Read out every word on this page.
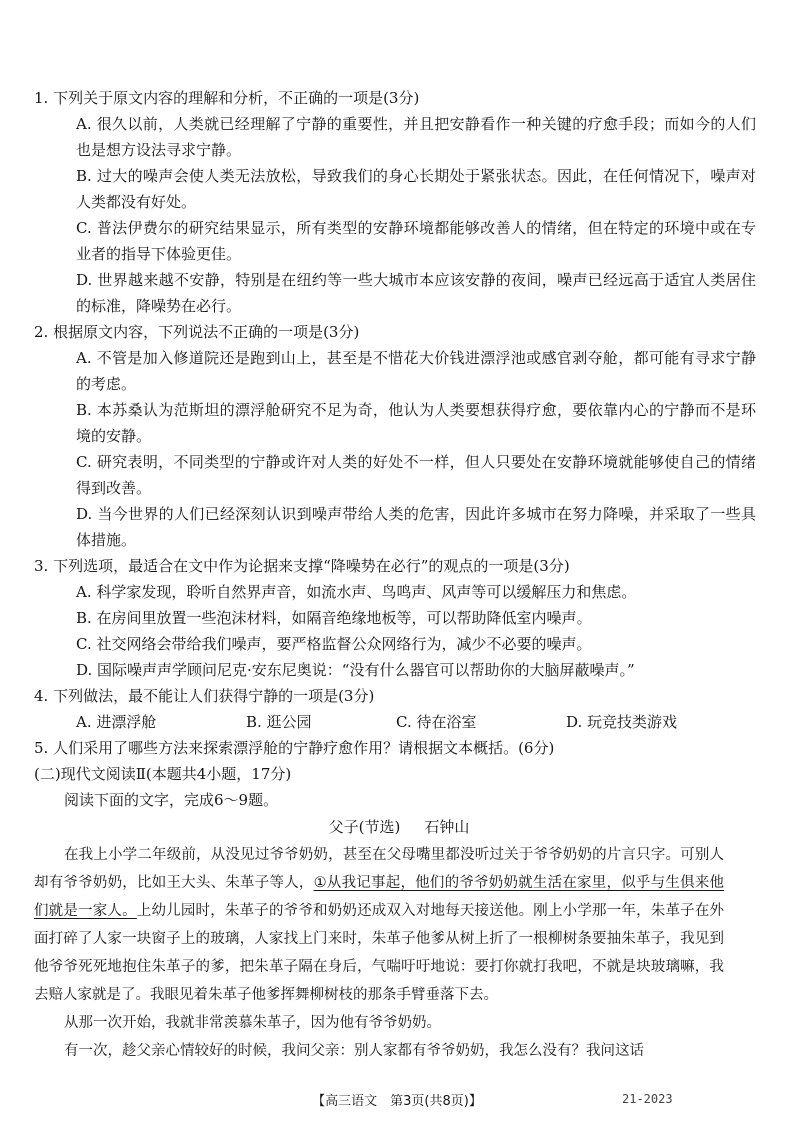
1. 下列关于原文内容的理解和分析，不正确的一项是(3分)

A. 很久以前，人类就已经理解了宁静的重要性，并且把安静看作一种关键的疗愈手段；而如今的人们也是想方设法寻求宁静。

B. 过大的噪声会使人类无法放松，导致我们的身心长期处于紧张状态。因此，在任何情况下，噪声对人类都没有好处。

C. 普法伊费尔的研究结果显示，所有类型的安静环境都能够改善人的情绪，但在特定的环境中或在专业者的指导下体验更佳。

D. 世界越来越不安静，特别是在纽约等一些大城市本应该安静的夜间，噪声已经远高于适宜人类居住的标准，降噪势在必行。

2. 根据原文内容，下列说法不正确的一项是(3分)

A. 不管是加入修道院还是跑到山上，甚至是不惜花大价钱进漂浮池或感官剥夺舱，都可能有寻求宁静的考虑。

B. 本苏桑认为范斯坦的漂浮舱研究不足为奇，他认为人类要想获得疗愈，要依靠内心的宁静而不是环境的安静。

C. 研究表明，不同类型的宁静或许对人类的好处不一样，但人只要处在安静环境就能够使自己的情绪得到改善。

D. 当今世界的人们已经深刻认识到噪声带给人类的危害，因此许多城市在努力降噪，并采取了一些具体措施。

3. 下列选项，最适合在文中作为论据来支撑“降噪势在必行”的观点的一项是(3分)

A. 科学家发现，聆听自然界声音，如流水声、鸟鸣声、风声等可以缓解压力和焦虑。

B. 在房间里放置一些泡沫材料，如隔音绝缘地板等，可以帮助降低室内噪声。

C. 社交网络会带给我们噪声，要严格监督公众网络行为，减少不必要的噪声。

D. 国际噪声声学顾问尼克·安东尼奥说：“没有什么器官可以帮助你的大脑屏蔽噪声。”

4. 下列做法，最不能让人们获得宁静的一项是(3分)

A. 进漂浮舱	B. 逛公园	C. 待在浴室	D. 玩竞技类游戏

5. 人们采用了哪些方法来探索漂浮舱的宁静疗愈作用？请根据文本概括。(6分)

(二)现代文阅读Ⅱ(本题共4小题，17分)

阅读下面的文字，完成6～9题。

父子(节选) 石钟山

在我上小学二年级前，从没见过爷爷奶奶，甚至在父母嘴里都没听过关于爷爷奶奶的片言只字。可别人却有爷爷奶奶，比如王大头、朱革子等人，①从我记事起，他们的爷爷奶奶就生活在家里，似乎与生俱来他们就是一家人。上幼儿园时，朱革子的爷爷和奶奶还成双入对地每天接送他。刚上小学那一年，朱革子在外面打碎了人家一块窗子上的玻璃，人家找上门来时，朱革子他爹从树上折了一根柳树条要抽朱革子，我见到他爷爷死死地抱住朱革子的爹，把朱革子隔在身后，气喘吁吁地说：要打你就打我吧，不就是块玻璃嘛，我去赔人家就是了。我眼见着朱革子他爹挥舞柳树枝的那条手臂垂落下去。

从那一次开始，我就非常羡慕朱革子，因为他有爷爷奶奶。

有一次，趁父亲心情较好的时候，我问父亲：别人家都有爷爷奶奶，我怎么没有？我问这话

【高三语文　第3页(共8页)】	21-2023
